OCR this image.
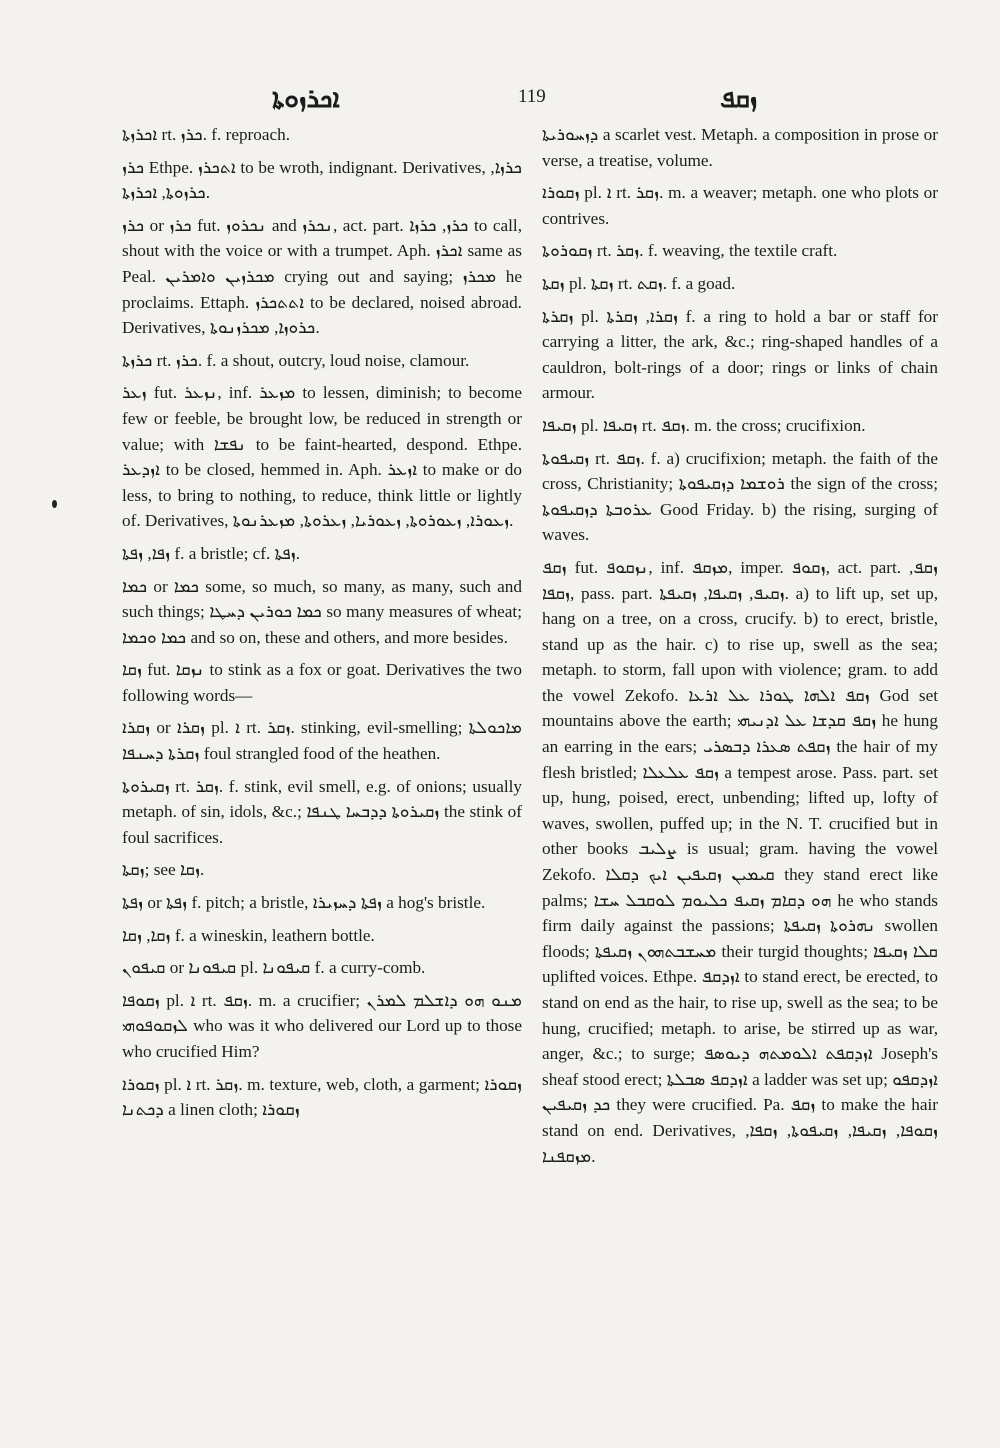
ܐܟܪܙܘܬܐ	119	ܙܩܦ

ܐܟܪܙܬܐ rt. ܟܪܙ. f. reproach.

ܟܪܙ Ethpe. ܐܬܟܪܙ to be wroth, indignant. Derivatives, ܟܪܙܐ, ܟܪܙܘܬܐ, ܐܟܪܙܬܐ.

ܟܪܙ or ܟܪܙ fut. ܢܟܪܘܙ and ܢܟܪܙ, act. part. ܟܪܙ, ܟܪܙܐ to call, shout with the voice or with a trumpet. Aph. ܐܟܪܙ same as Peal. ܡܟܪܙܝܢ ܘܐܡܪܝܢ crying out and saying; ܡܟܪܙ he proclaims. Ettaph. ܐܬܬܟܪܙ to be declared, noised abroad. Derivatives, ܟܪܘܙܐ, ܡܟܪܙܢܘܬܐ.

ܟܪܙܬܐ rt. ܟܪܙ. f. a shout, outcry, loud noise, clamour.

ܙܥܪ fut. ܢܙܥܪ, inf. ܡܙܥܪ to lessen, diminish; to become few or feeble, be brought low, be reduced in strength or value; with ܢܦܫܐ to be faint-hearted, despond. Ethpe. ܐܙܕܥܪ to be closed, hemmed in. Aph. ܐܙܥܪ to make or do less, to bring to nothing, to reduce, think little or lightly of. Derivatives, ܙܥܘܪܐ, ܙܥܘܪܘܬܐ, ܙܥܘܪܝܐ, ܙܥܪܘܬܐ, ܡܙܥܪܢܘܬܐ.

ܙܦܐ, ܙܦܬܐ f. a bristle; cf. ܙܦܬܐ.

ܟܡܐ or ܟܡܐ some, so much, so many, as many, such and such things; ܟܡܐ ܟܘܪܝܢ ܕܚܛܐ so many measures of wheat; ܟܡܐ ܘܟܡܐ and so on, these and others, and more besides.

ܙܩܐ fut. ܢܙܩܐ to stink as a fox or goat. Derivatives the two following words—

ܙܩܪܐ or ܙܩܪܐ pl. ܐ rt. ܙܩܪ. stinking, evil-smelling; ܡܐܟܘܠܬܐ ܙܩܪܬܐ ܕܚܢܦܐ foul strangled food of the heathen.

ܙܩܝܪܘܬܐ rt. ܙܩܪ. f. stink, evil smell, e.g. of onions; usually metaph. of sin, idols, &c.; ܙܩܝܪܘܬܐ ܕܕܒܚܐ ܛܢܦܐ the stink of foul sacrifices.

ܙܩܬܐ; see ܙܩܐ.

ܙܦܬܐ or ܙܦܬܐ f. pitch; a bristle, ܙܦܬܐ ܕܚܙܝܪܐ a hog's bristle.

ܙܩܐ, ܙܩܐ f. a wineskin, leathern bottle.

ܩܝܦܘܢ or ܩܝܦܘܢܐ pl. ܩܝܦܘܢܐ f. a curry-comb.

ܙܩܘܦܐ pl. ܐ rt. ܙܩܦ. m. a crucifier; ܡܢܘ ܗܘ ܕܐܫܠܡ ܠܡܪܢ ܠܙܩܘܦܘܗܝ who was it who delivered our Lord up to those who crucified Him?

ܙܩܘܪܐ pl. ܐ rt. ܙܩܪ. m. texture, web, cloth, a garment; ܙܩܘܪܐ ܕܟܬܢܐ a linen cloth; ܙܩܘܪܐ

ܕܙܚܘܪܝܬܐ a scarlet vest. Metaph. a composition in prose or verse, a treatise, volume.

ܙܩܘܪܐ pl. ܐ rt. ܙܩܪ. m. a weaver; metaph. one who plots or contrives.

ܙܩܘܪܘܬܐ rt. ܙܩܪ. f. weaving, the textile craft.

ܙܩܬܐ pl. ܙܩܬܐ rt. ܙܩܬ. f. a goad.

ܙܩܪܬܐ pl. ܙܩܪܐ, ܙܩܪܬܐ f. a ring to hold a bar or staff for carrying a litter, the ark, &c.; ring-shaped handles of a cauldron, bolt-rings of a door; rings or links of chain armour.

ܙܩܝܦܐ pl. ܙܩܝܦܐ rt. ܙܩܦ. m. the cross; crucifixion.

ܙܩܝܦܘܬܐ rt. ܙܩܦ. f. a) crucifixion; metaph. the faith of the cross, Christianity; ܪܘܫܡܐ ܕܙܩܝܦܘܬܐ the sign of the cross; ܥܪܘܒܬܐ ܕܙܩܝܦܘܬܐ Good Friday. b) the rising, surging of waves.

ܙܩܦ fut. ܢܙܩܘܦ, inf. ܡܙܩܦ, imper. ܙܩܘܦ, act. part. ܙܩܦ, ܙܩܦܐ, pass. part. ܙܩܝܦ, ܙܩܝܦܐ, ܙܩܝܦܬܐ. a) to lift up, set up, hang on a tree, on a cross, crucify. b) to erect, bristle, stand up as the hair. c) to rise up, swell as the sea; metaph. to storm, fall upon with violence; gram. to add the vowel Zekofo. ܙܩܦ ܐܠܗܐ ܛܘܪܐ ܥܠ ܐܪܥܐ God set mountains above the earth; ܙܩܦ ܩܕܫܐ ܥܠ ܐܕܢܝܗܝ he hung an earring in the ears; ܙܩܦܬ ܣܥܪܐ ܕܒܣܪܝ the hair of my flesh bristled; ܙܩܦ ܥܠܥܠܐ a tempest arose. Pass. part. set up, hung, poised, erect, unbending; lifted up, lofty of waves, swollen, puffed up; in the N. T. crucified but in other books ܨܠܝܒ is usual; gram. having the vowel Zekofo. ܩܝܡܝܢ ܙܩܝܦܝܢ ܐܝܟ ܕܩܠܐ they stand erect like palms; ܗܘ ܕܩܐܡ ܙܩܝܦ ܟܠܝܘܡ ܠܘܩܒܠ ܚܫܐ he who stands firm daily against the passions; ܢܗܪܘܬܐ ܙܩܝܦܬܐ swollen floods; ܡܚܫܒܬܗܘܢ ܙܩܝܦܬܐ their turgid thoughts; ܩܠܐ ܙܩܝܦܐ uplifted voices. Ethpe. ܐܙܕܩܦ to stand erect, be erected, to stand on end as the hair, to rise up, swell as the sea; to be hung, crucified; metaph. to arise, be stirred up as war, anger, &c.; to surge; ܐܙܕܩܦܬ ܐܠܘܡܬܗ ܕܝܘܣܦ Joseph's sheaf stood erect; ܐܙܕܩܦ ܣܒܠܬܐ a ladder was set up; ܐܙܕܩܦܘ ܟܕ ܙܩܝܦܝܢ they were crucified. Pa. ܙܩܦ to make the hair stand on end. Derivatives, ܙܩܘܦܐ, ܙܩܝܦܐ, ܙܩܝܦܘܬܐ, ܙܩܦܐ, ܡܙܩܦܢܐ.
